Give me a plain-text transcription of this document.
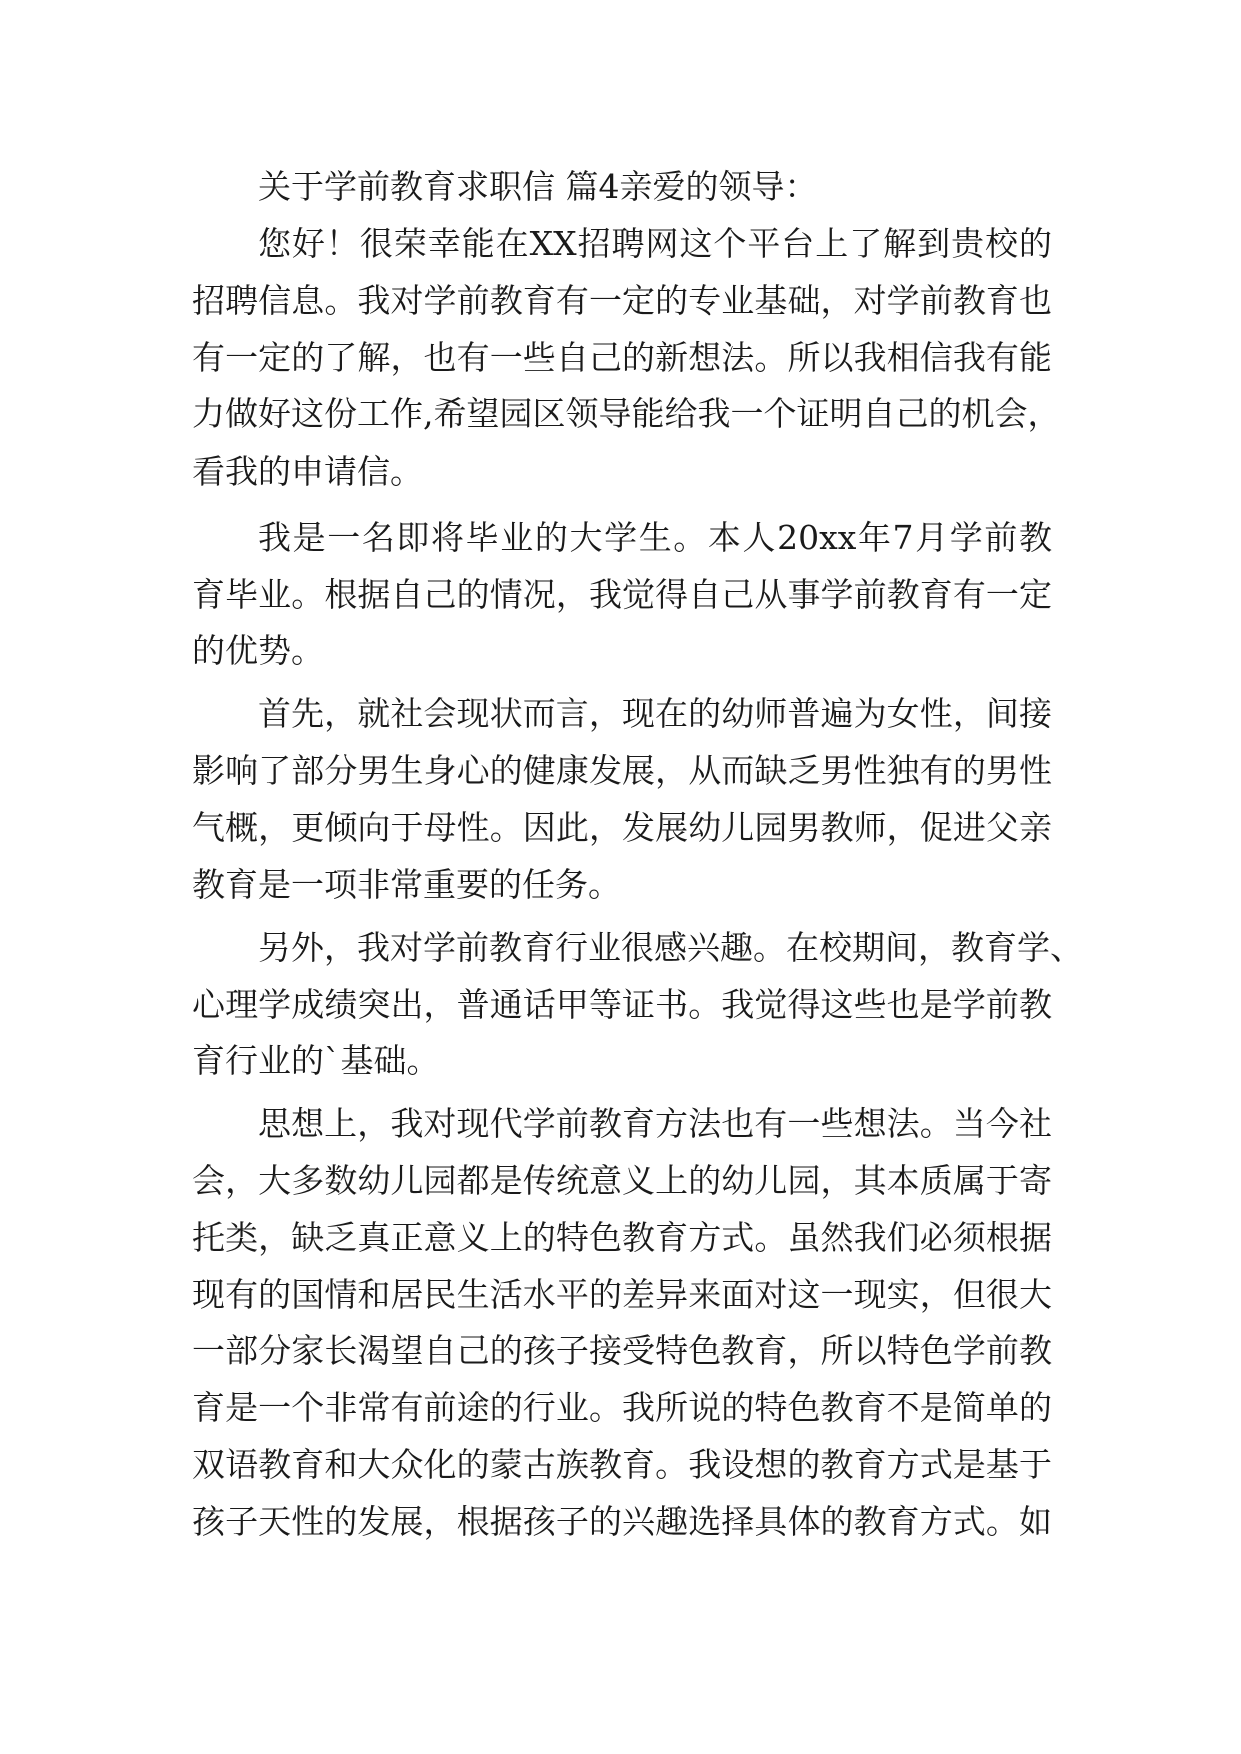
关于学前教育求职信 篇4亲爱的领导：
您好！很荣幸能在XX招聘网这个平台上了解到贵校的
招聘信息。我对学前教育有一定的专业基础，对学前教育也
有一定的了解，也有一些自己的新想法。所以我相信我有能
力做好这份工作,希望园区领导能给我一个证明自己的机会，
看我的申请信。
我是一名即将毕业的大学生。本人20xx年7月学前教
育毕业。根据自己的情况，我觉得自己从事学前教育有一定
的优势。
首先，就社会现状而言，现在的幼师普遍为女性，间接
影响了部分男生身心的健康发展，从而缺乏男性独有的男性
气概，更倾向于母性。因此，发展幼儿园男教师，促进父亲
教育是一项非常重要的任务。
另外，我对学前教育行业很感兴趣。在校期间，教育学、
心理学成绩突出，普通话甲等证书。我觉得这些也是学前教
育行业的`基础。
思想上，我对现代学前教育方法也有一些想法。当今社
会，大多数幼儿园都是传统意义上的幼儿园，其本质属于寄
托类，缺乏真正意义上的特色教育方式。虽然我们必须根据
现有的国情和居民生活水平的差异来面对这一现实，但很大
一部分家长渴望自己的孩子接受特色教育，所以特色学前教
育是一个非常有前途的行业。我所说的特色教育不是简单的
双语教育和大众化的蒙古族教育。我设想的教育方式是基于
孩子天性的发展，根据孩子的兴趣选择具体的教育方式。如
